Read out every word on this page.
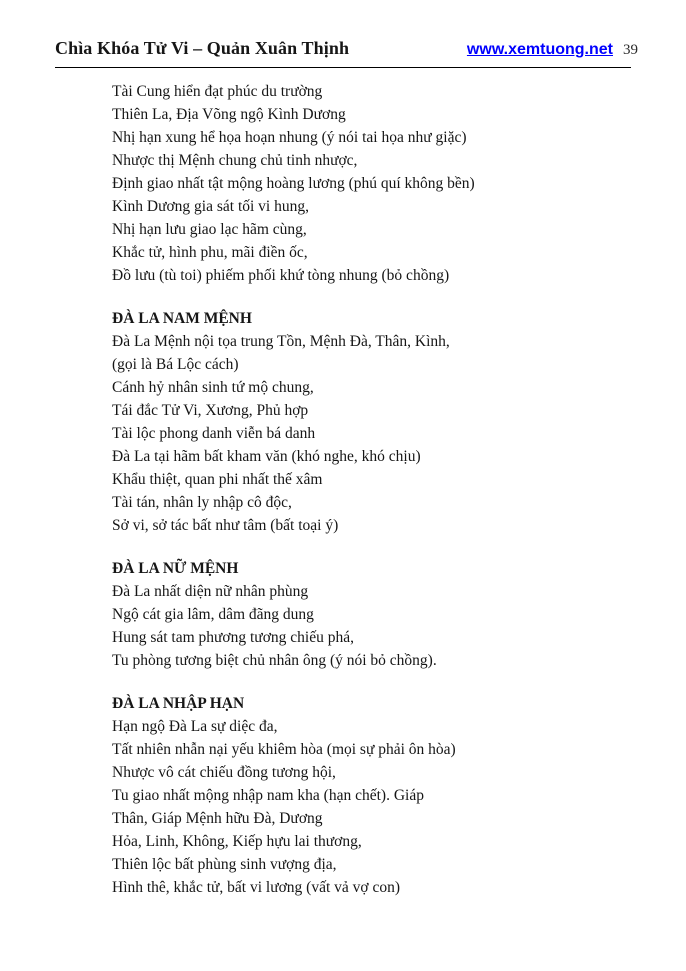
Chìa Khóa Tử Vi – Quản Xuân Thịnh	www.xemtuong.net 39

Tài Cung hiển đạt phúc du trường

Thiên La, Địa Võng ngộ Kình Dương

Nhị hạn xung hể họa hoạn nhung (ý nói tai họa như giặc)

Nhược thị Mệnh chung chủ tinh nhược,

Định giao nhất tật mộng hoàng lương (phú quí không bền)

Kình Dương gia sát tối vi hung,

Nhị hạn lưu giao lạc hãm cùng,

Khắc tử, hình phu, mãi điền ốc,

Đồ lưu (tù toi) phiếm phối khứ tòng nhung (bỏ chồng)

ĐÀ LA NAM MỆNH

Đà La Mệnh nội tọa trung Tồn, Mệnh Đà, Thân, Kình,

(gọi là Bá Lộc cách)

Cánh hỷ nhân sinh tứ mộ chung,

Tái đắc Tử Vi, Xương, Phủ hợp

Tài lộc phong danh viễn bá danh

Đà La tại hãm bất kham văn (khó nghe, khó chịu)

Khẩu thiệt, quan phi nhất thế xâm

Tài tán, nhân ly nhập cô độc,

Sở vi, sở tác bất như tâm (bất toại ý)

ĐÀ LA NỮ MỆNH

Đà La nhất diện nữ nhân phùng

Ngộ cát gia lâm, dâm đãng dung

Hung sát tam phương tương chiếu phá,

Tu phòng tương biệt chủ nhân ông (ý nói bỏ chồng).

ĐÀ LA NHẬP HẠN

Hạn ngộ Đà La sự diệc đa,

Tất nhiên nhẫn nại yếu khiêm hòa (mọi sự phải ôn hòa)

Nhược vô cát chiếu đồng tương hội,

Tu giao nhất mộng nhập nam kha (hạn chết). Giáp

Thân, Giáp Mệnh hữu Đà, Dương

Hỏa, Linh, Không, Kiếp hựu lai thương,

Thiên lộc bất phùng sinh vượng địa,

Hình thê, khắc tử, bất vi lương (vất vả vợ con)
